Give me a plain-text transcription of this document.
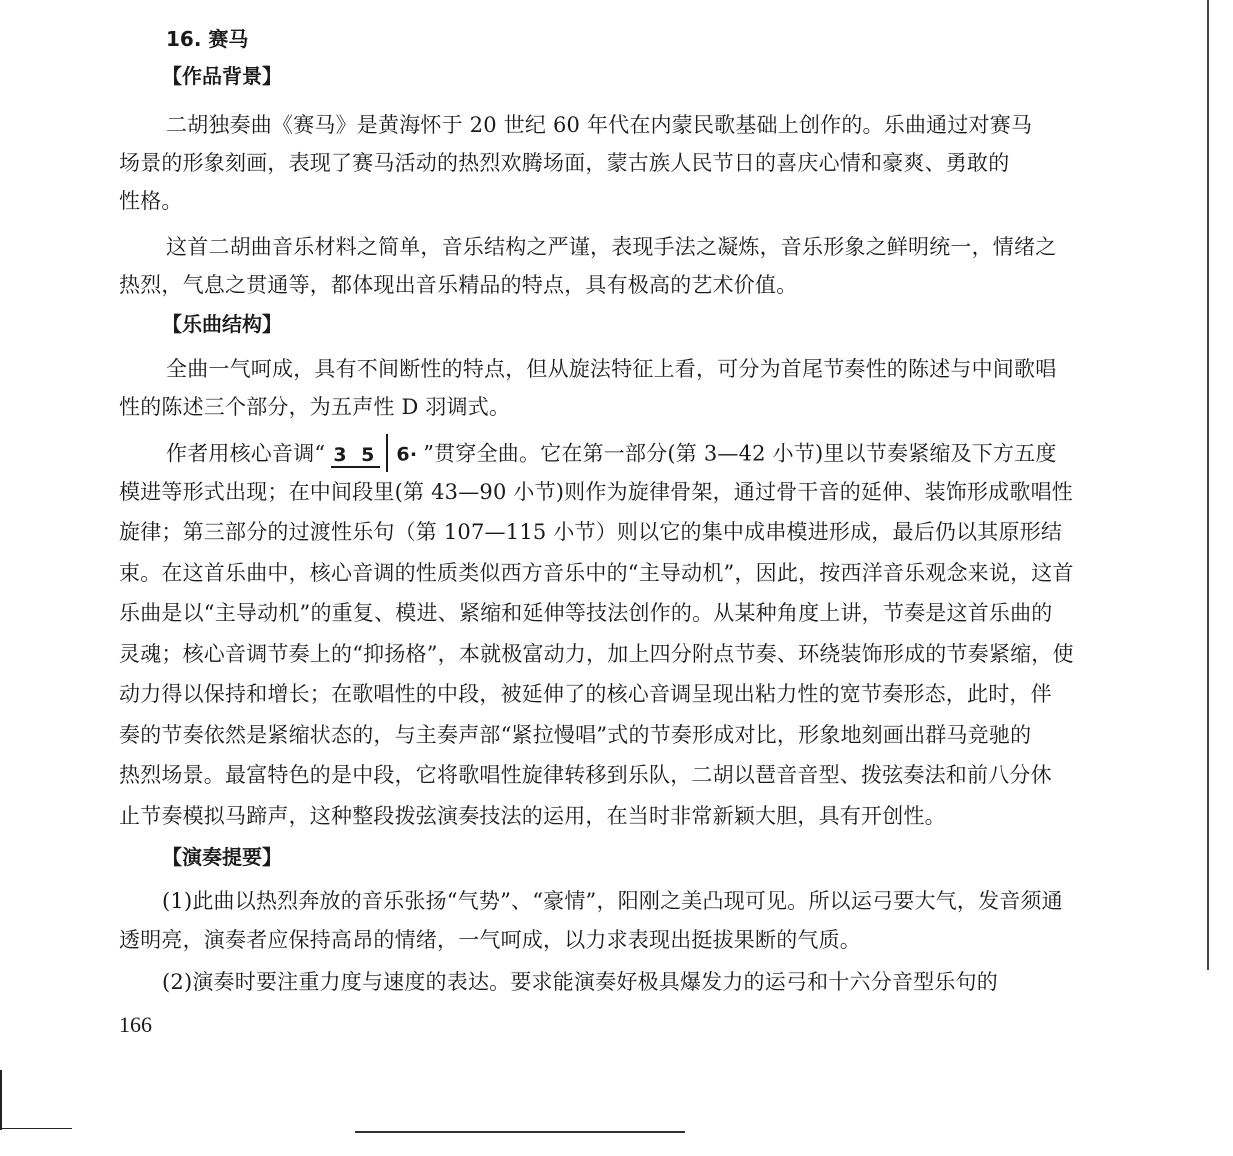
16. 赛马
【作品背景】
二胡独奏曲《赛马》是黄海怀于 20 世纪 60 年代在内蒙民歌基础上创作的。乐曲通过对赛马
场景的形象刻画，表现了赛马活动的热烈欢腾场面，蒙古族人民节日的喜庆心情和豪爽、勇敢的
性格。
这首二胡曲音乐材料之简单，音乐结构之严谨，表现手法之凝炼，音乐形象之鲜明统一，情绪之
热烈，气息之贯通等，都体现出音乐精品的特点，具有极高的艺术价值。
【乐曲结构】
全曲一气呵成，具有不间断性的特点，但从旋法特征上看，可分为首尾节奏性的陈述与中间歌唱
性的陈述三个部分，为五声性 D 羽调式。
作者用核心音调“ 3 5 6· ”贯穿全曲。它在第一部分(第 3—42 小节)里以节奏紧缩及下方五度
模进等形式出现；在中间段里(第 43—90 小节)则作为旋律骨架，通过骨干音的延伸、装饰形成歌唱性
旋律；第三部分的过渡性乐句（第 107—115 小节）则以它的集中成串模进形成，最后仍以其原形结
束。在这首乐曲中，核心音调的性质类似西方音乐中的“主导动机”，因此，按西洋音乐观念来说，这首
乐曲是以“主导动机”的重复、模进、紧缩和延伸等技法创作的。从某种角度上讲，节奏是这首乐曲的
灵魂；核心音调节奏上的“抑扬格”，本就极富动力，加上四分附点节奏、环绕装饰形成的节奏紧缩，使
动力得以保持和增长；在歌唱性的中段，被延伸了的核心音调呈现出粘力性的宽节奏形态，此时，伴
奏的节奏依然是紧缩状态的，与主奏声部“紧拉慢唱”式的节奏形成对比，形象地刻画出群马竞驰的
热烈场景。最富特色的是中段，它将歌唱性旋律转移到乐队，二胡以琶音音型、拨弦奏法和前八分休
止节奏模拟马蹄声，这种整段拨弦演奏技法的运用，在当时非常新颖大胆，具有开创性。
【演奏提要】
(1)此曲以热烈奔放的音乐张扬“气势”、“豪情”，阳刚之美凸现可见。所以运弓要大气，发音须通
透明亮，演奏者应保持高昂的情绪，一气呵成，以力求表现出挺拔果断的气质。
(2)演奏时要注重力度与速度的表达。要求能演奏好极具爆发力的运弓和十六分音型乐句的
166
